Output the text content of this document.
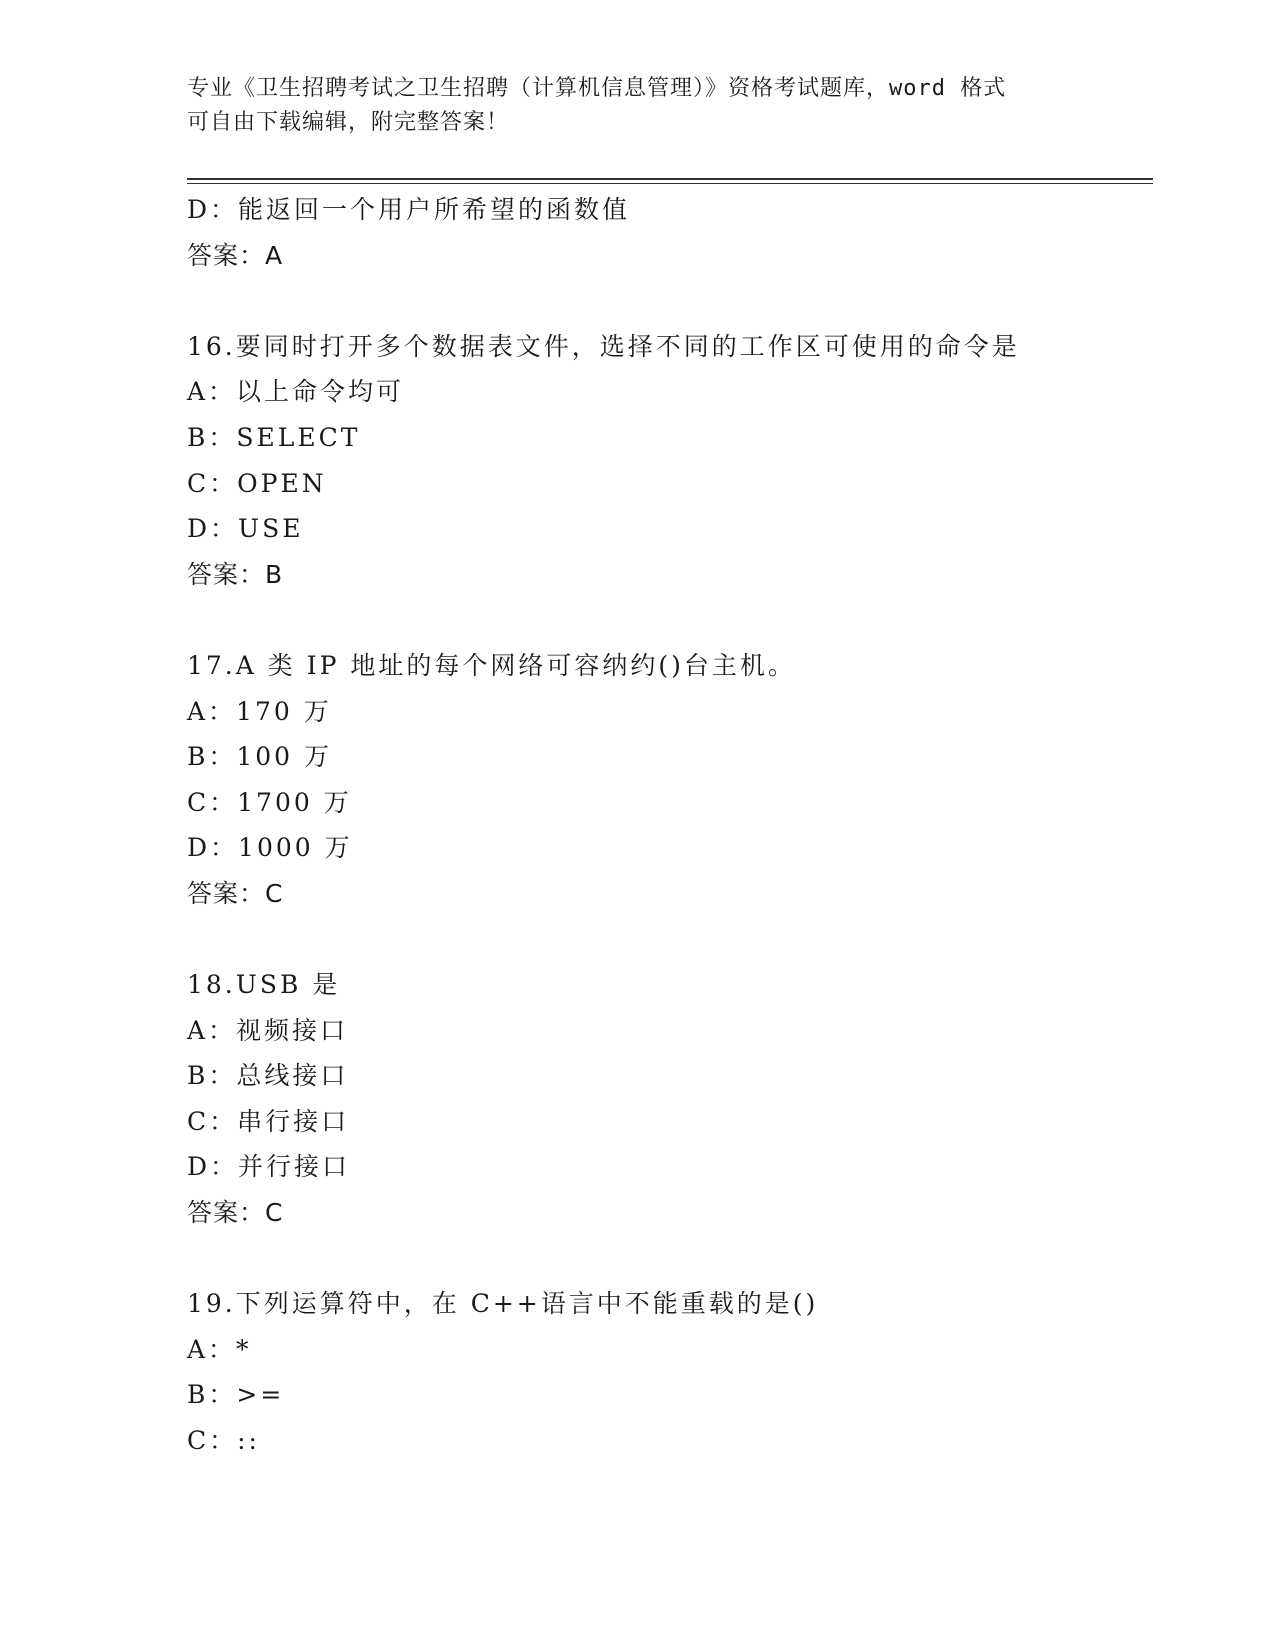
专业《卫生招聘考试之卫生招聘（计算机信息管理）》资格考试题库，word 格式
可自由下载编辑，附完整答案！
D：能返回一个用户所希望的函数值
答案：A
16.要同时打开多个数据表文件，选择不同的工作区可使用的命令是
A：以上命令均可
B：SELECT
C：OPEN
D：USE
答案：B
17.A 类 IP 地址的每个网络可容纳约()台主机。
A：170 万
B：100 万
C：1700 万
D：1000 万
答案：C
18.USB 是
A：视频接口
B：总线接口
C：串行接口
D：并行接口
答案：C
19.下列运算符中，在 C++语言中不能重载的是()
A：*
B：>=
C：::
